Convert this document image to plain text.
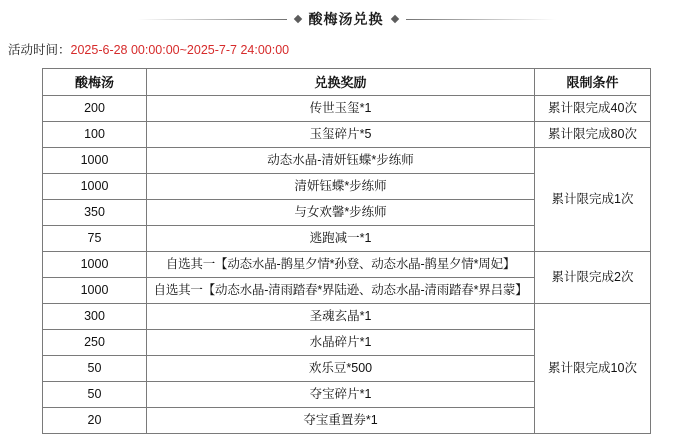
酸梅汤兑换
活动时间：2025-6-28 00:00:00~2025-7-7 24:00:00
酸梅汤	兑换奖励	限制条件
200	传世玉玺*1	累计限完成40次
100	玉玺碎片*5	累计限完成80次
1000	动态水晶-清妍钰蝶*步练师	累计限完成1次
1000	清妍钰蝶*步练师	
350	与女欢馨*步练师	
75	逃跑减一*1	
1000	自选其一【动态水晶-鹊星夕情*孙登、动态水晶-鹊星夕情*周妃】	累计限完成2次
1000	自选其一【动态水晶-清雨踏春*界陆逊、动态水晶-清雨踏春*界吕蒙】	
300	圣魂玄晶*1	累计限完成10次
250	水晶碎片*1	
50	欢乐豆*500	
50	夺宝碎片*1	
20	夺宝重置券*1	
